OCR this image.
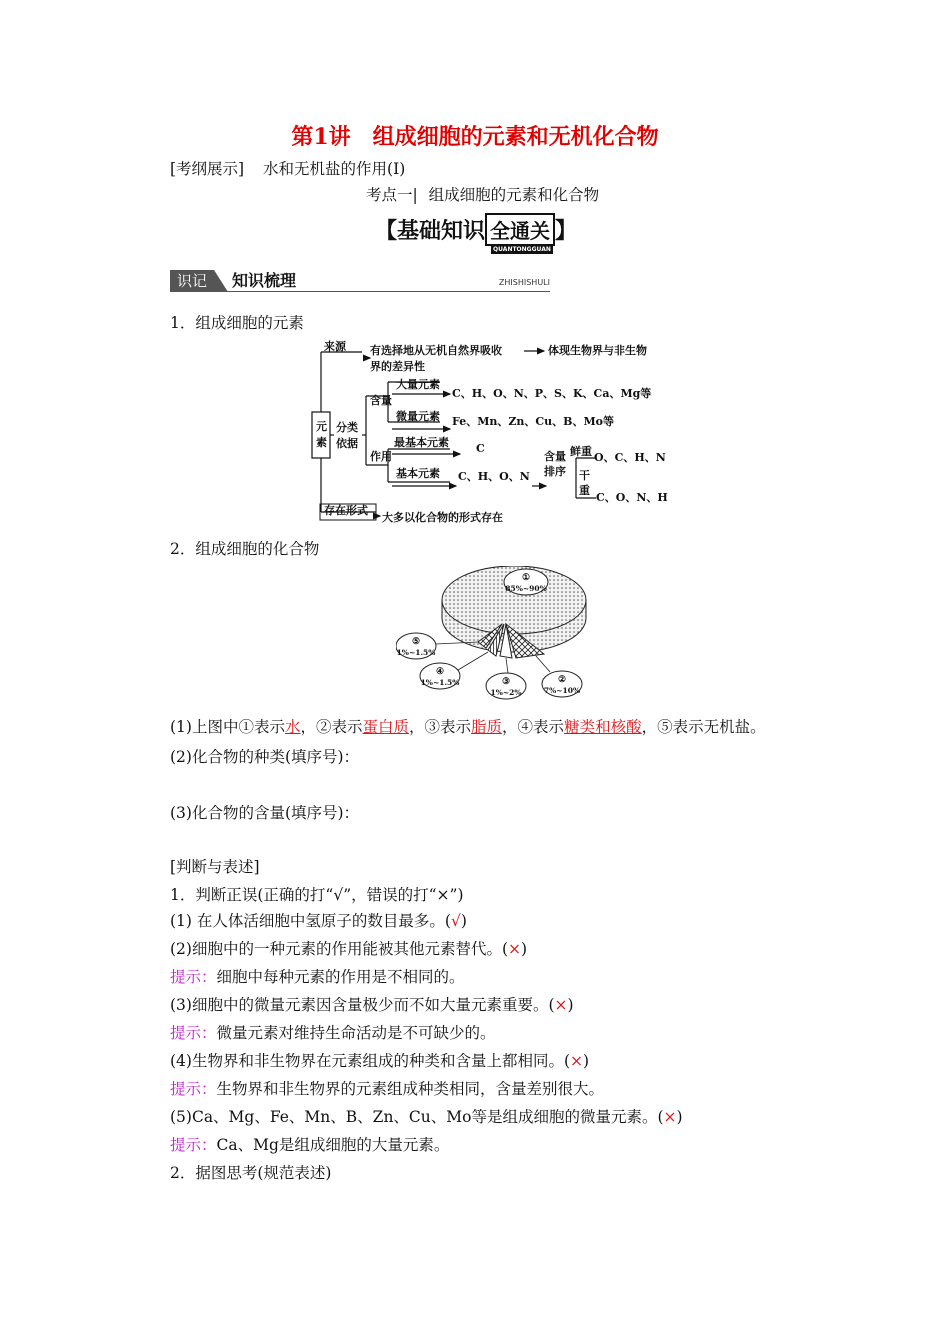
第1讲　组成细胞的元素和无机化合物
[考纲展示] 水和无机盐的作用(Ⅰ)
考点一| 组成细胞的元素和化合物
【基础知识 全通关
QUANTONGGUAN
】
识记	知识梳理	ZHISHISHULI
1．组成细胞的元素
元
素
来源 有选择地从无机自然界吸收	体现生物界与非生物
界的差异性
分类
依据
含量
大量元素
C、H、O、N、P、S、K、Ca、Mg等
微量元素 Fe、Mn、Zn、Cu、B、Mo等
作用
最基本元素 C
基本元素 C、H、O、N
含量
排序
鲜重 O、C、H、N
干
重
C、O、N、H
存在形式
大多以化合物的形式存在
2．组成细胞的化合物
①
85%~90%
②
7%~10%
③
1%~2%
④
1%~1.5%
⑤
1%~1.5%
(1)上图中①表示水，②表示蛋白质，③表示脂质，④表示糖类和核酸，⑤表示无机盐。
(2)化合物的种类(填序号)：
(3)化合物的含量(填序号)：
[判断与表述]
1．判断正误(正确的打“√”，错误的打“×”)
(1) 在人体活细胞中氢原子的数目最多。(√)
(2)细胞中的一种元素的作用能被其他元素替代。(×)
提示：细胞中每种元素的作用是不相同的。
(3)细胞中的微量元素因含量极少而不如大量元素重要。(×)
提示：微量元素对维持生命活动是不可缺少的。
(4)生物界和非生物界在元素组成的种类和含量上都相同。(×)
提示：生物界和非生物界的元素组成种类相同，含量差别很大。
(5)Ca、Mg、Fe、Mn、B、Zn、Cu、Mo等是组成细胞的微量元素。(×)
提示：Ca、Mg是组成细胞的大量元素。
2．据图思考(规范表述)
